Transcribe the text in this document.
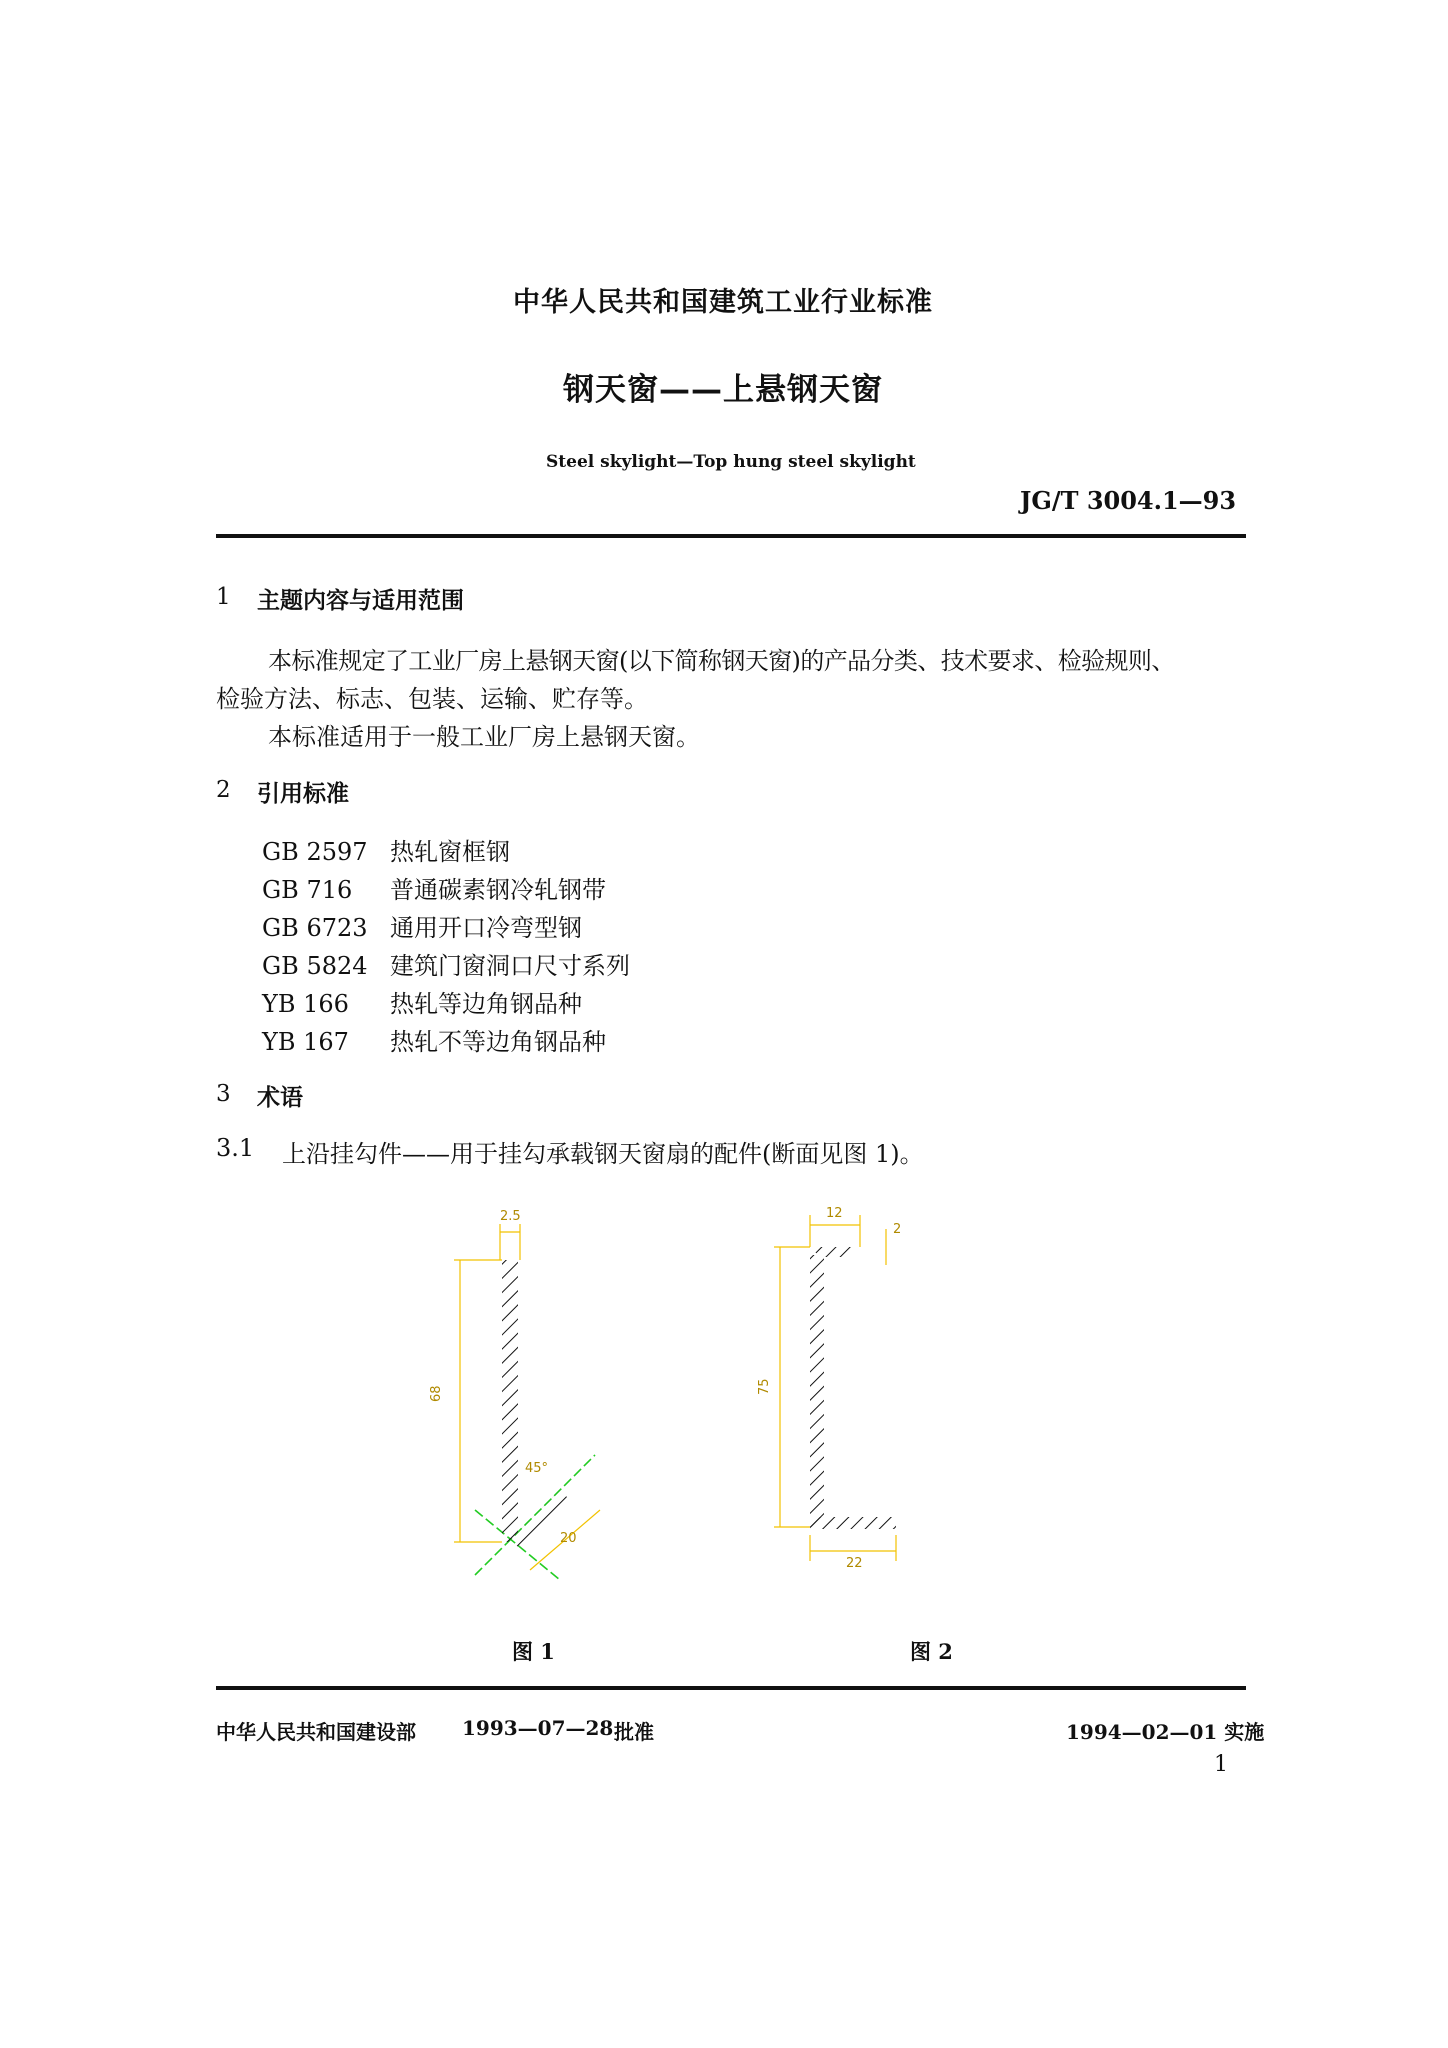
中华人民共和国建筑工业行业标准
钢天窗——上悬钢天窗
Steel skylight—Top hung steel skylight
JG/T 3004.1—93
1 主题内容与适用范围
本标准规定了工业厂房上悬钢天窗(以下简称钢天窗)的产品分类、技术要求、检验规则、
检验方法、标志、包装、运输、贮存等。
本标准适用于一般工业厂房上悬钢天窗。
2 引用标准
GB 2597 热轧窗框钢
GB 716 普通碳素钢冷轧钢带
GB 6723 通用开口冷弯型钢
GB 5824 建筑门窗洞口尺寸系列
YB 166 热轧等边角钢品种
YB 167 热轧不等边角钢品种
3 术语
3.1 上沿挂勾件——用于挂勾承载钢天窗扇的配件(断面见图 1)。
2.5
68
45°
20
12
2
75
22
图 1	图 2
中华人民共和国建设部 1993—07—28 批准	1994—02—01 实施
1
